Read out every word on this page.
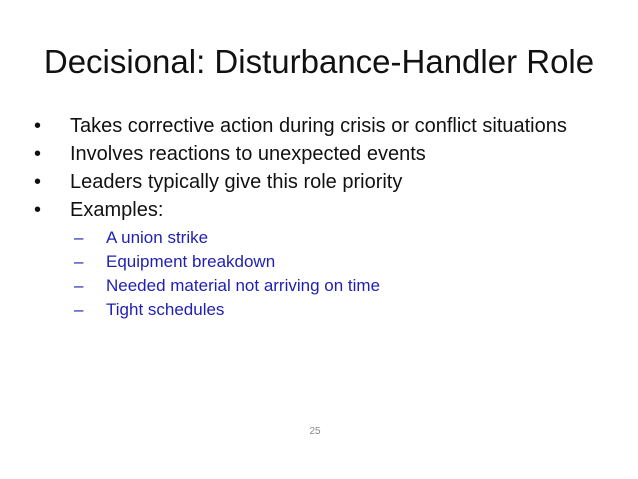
Decisional: Disturbance-Handler Role
• Takes corrective action during crisis or conflict situations
• Involves reactions to unexpected events
• Leaders typically give this role priority
• Examples:
– A union strike
– Equipment breakdown
– Needed material not arriving on time
– Tight schedules
25
